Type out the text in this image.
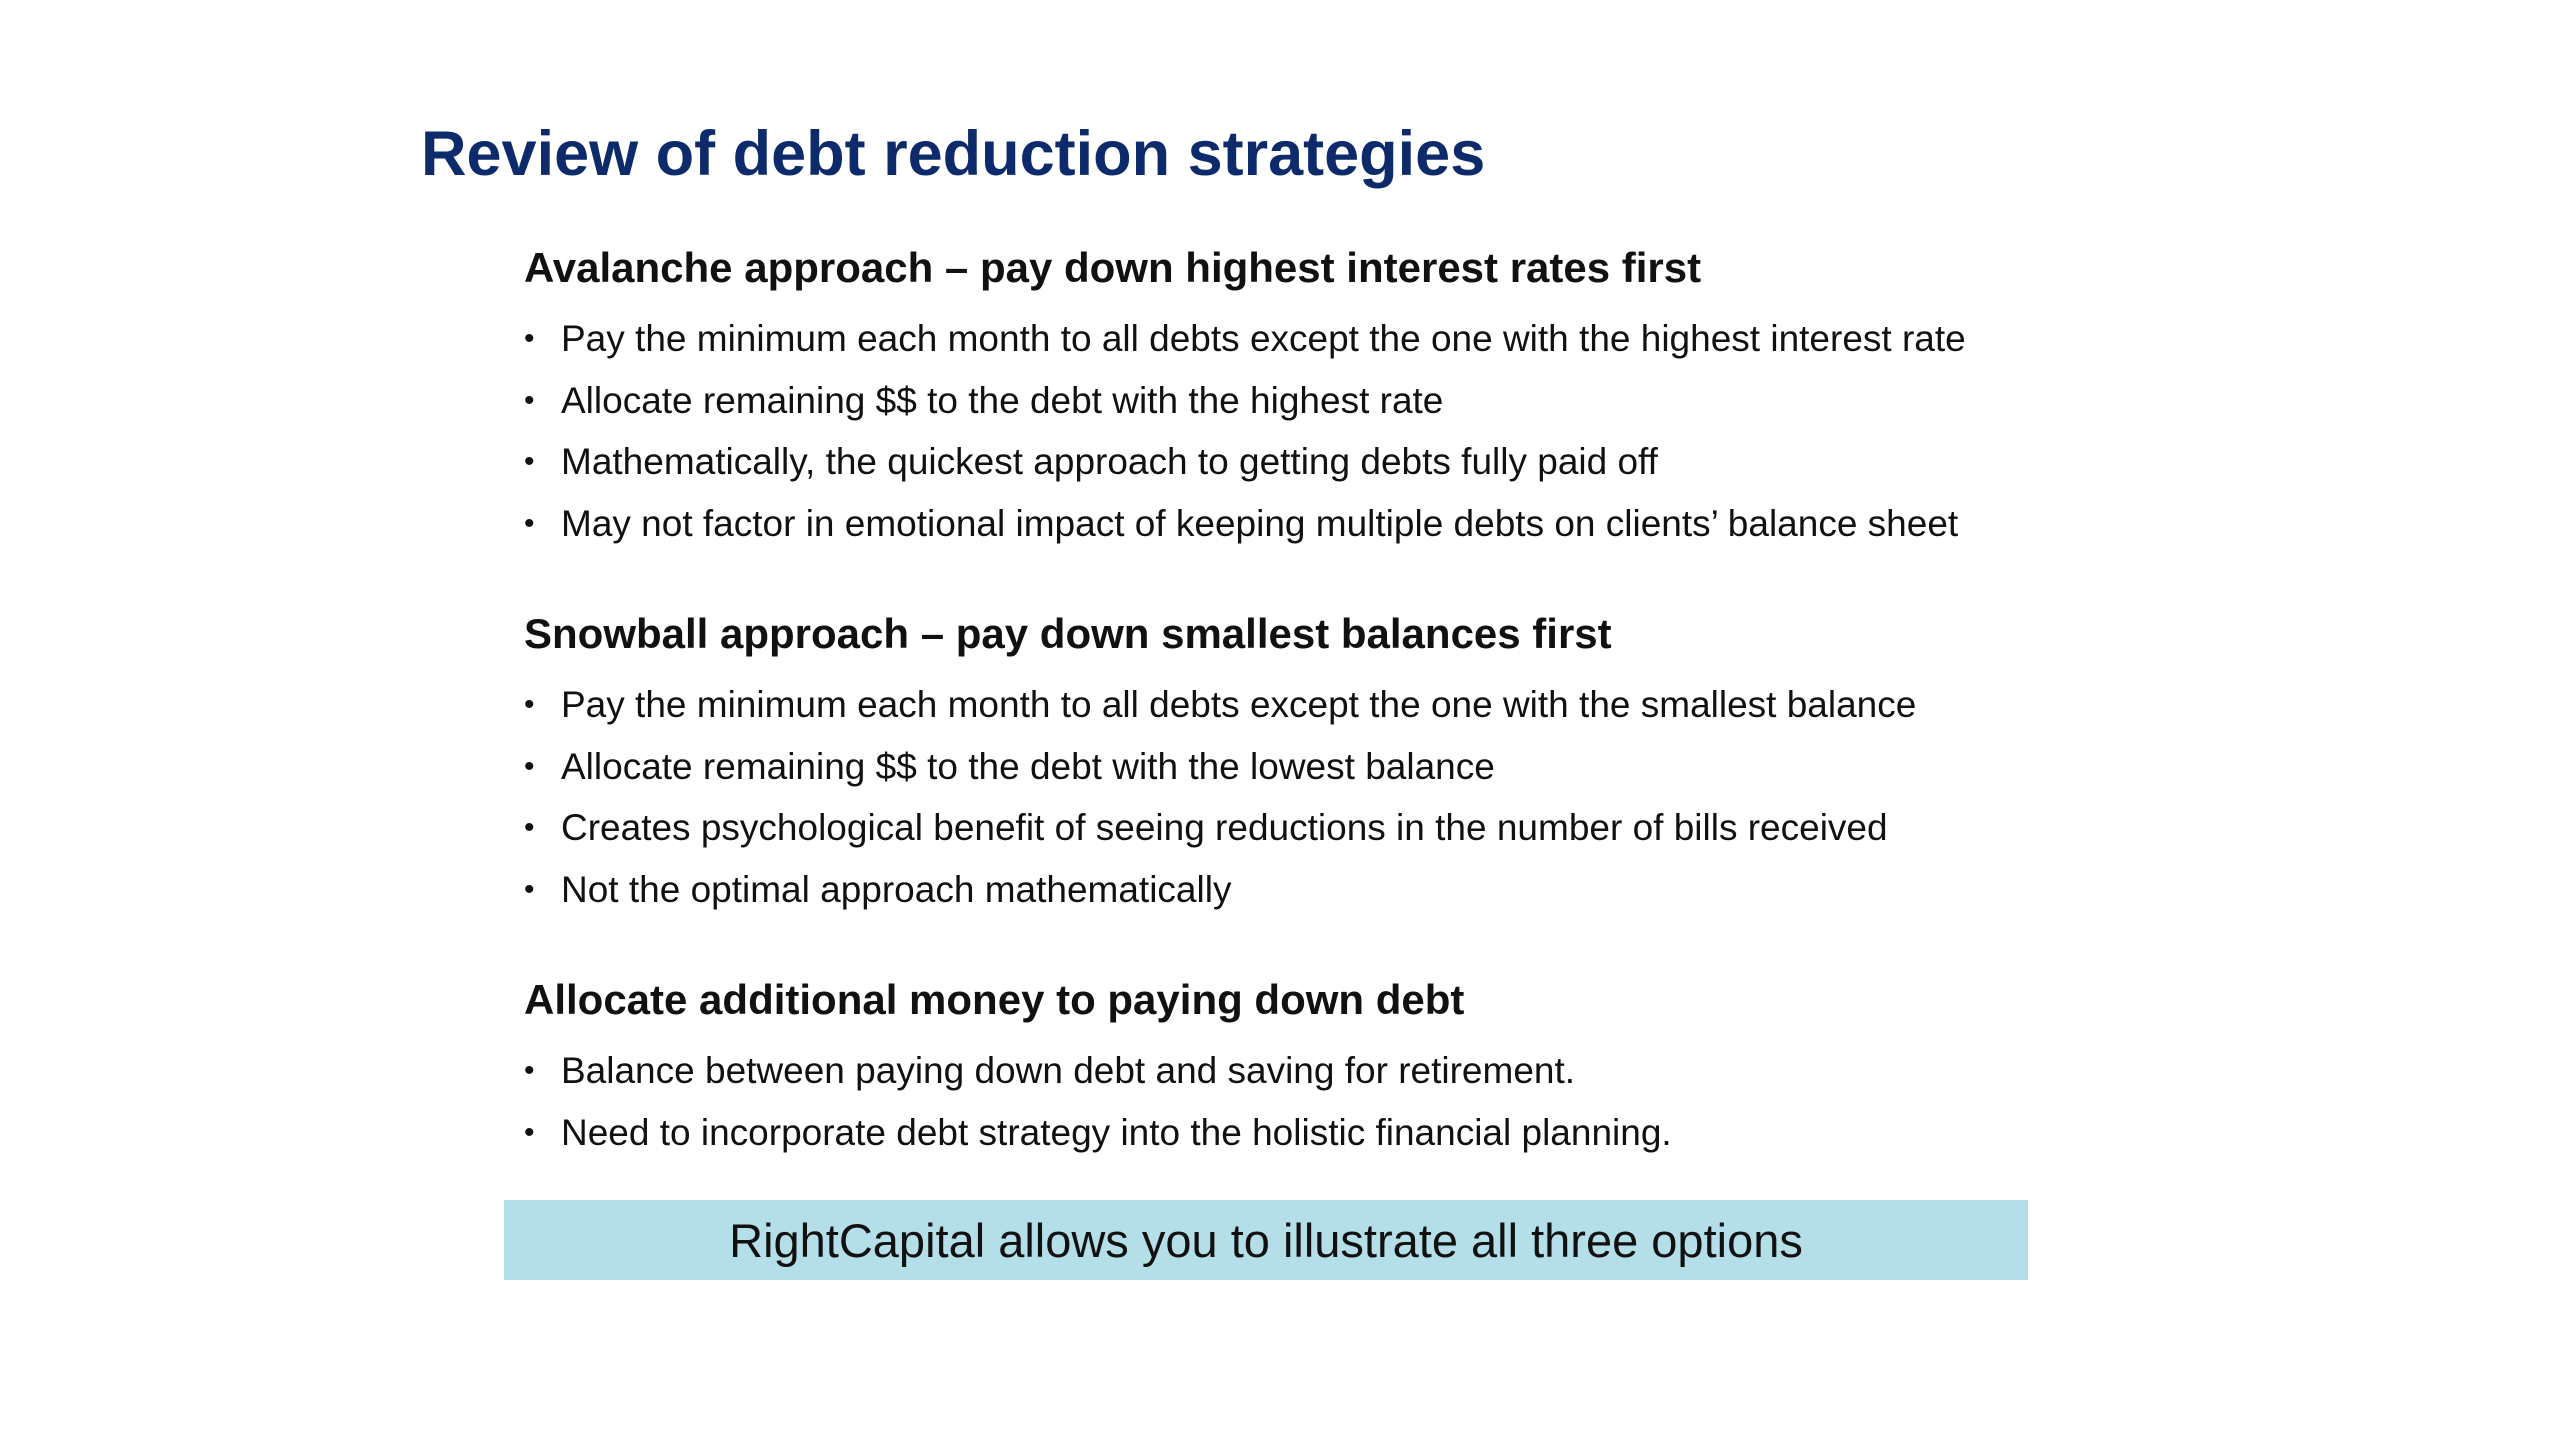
Review of debt reduction strategies
Avalanche approach – pay down highest interest rates first
• Pay the minimum each month to all debts except the one with the highest interest rate
• Allocate remaining $$ to the debt with the highest rate
• Mathematically, the quickest approach to getting debts fully paid off
• May not factor in emotional impact of keeping multiple debts on clients’ balance sheet
Snowball approach – pay down smallest balances first
• Pay the minimum each month to all debts except the one with the smallest balance
• Allocate remaining $$ to the debt with the lowest balance
• Creates psychological benefit of seeing reductions in the number of bills received
• Not the optimal approach mathematically
Allocate additional money to paying down debt
• Balance between paying down debt and saving for retirement.
• Need to incorporate debt strategy into the holistic financial planning.
RightCapital allows you to illustrate all three options
